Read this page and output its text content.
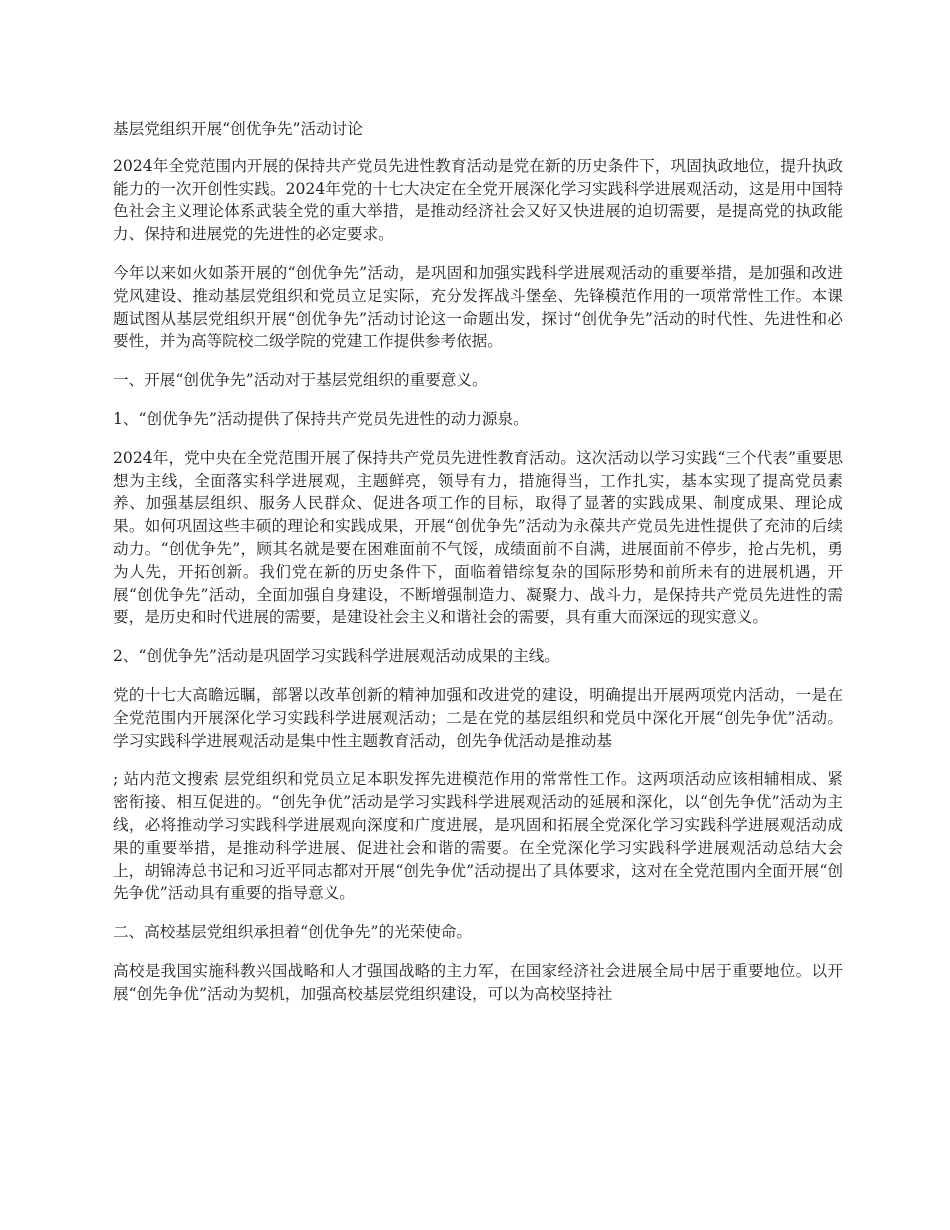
基层党组织开展“创优争先”活动讨论

2024年全党范围内开展的保持共产党员先进性教育活动是党在新的历史条件下，巩固执政地位，提升执政能力的一次开创性实践。2024年党的十七大决定在全党开展深化学习实践科学进展观活动，这是用中国特色社会主义理论体系武装全党的重大举措，是推动经济社会又好又快进展的迫切需要，是提高党的执政能力、保持和进展党的先进性的必定要求。

今年以来如火如荼开展的“创优争先”活动，是巩固和加强实践科学进展观活动的重要举措，是加强和改进党风建设、推动基层党组织和党员立足实际，充分发挥战斗堡垒、先锋模范作用的一项常常性工作。本课题试图从基层党组织开展“创优争先”活动讨论这一命题出发，探讨“创优争先”活动的时代性、先进性和必要性，并为高等院校二级学院的党建工作提供参考依据。

一、开展“创优争先”活动对于基层党组织的重要意义。

1、“创优争先”活动提供了保持共产党员先进性的动力源泉。

2024年，党中央在全党范围开展了保持共产党员先进性教育活动。这次活动以学习实践“三个代表”重要思想为主线，全面落实科学进展观，主题鲜亮，领导有力，措施得当，工作扎实，基本实现了提高党员素养、加强基层组织、服务人民群众、促进各项工作的目标，取得了显著的实践成果、制度成果、理论成果。如何巩固这些丰硕的理论和实践成果，开展“创优争先”活动为永葆共产党员先进性提供了充沛的后续动力。“创优争先”，顾其名就是要在困难面前不气馁，成绩面前不自满，进展面前不停步，抢占先机，勇为人先，开拓创新。我们党在新的历史条件下，面临着错综复杂的国际形势和前所未有的进展机遇，开展“创优争先”活动，全面加强自身建设，不断增强制造力、凝聚力、战斗力，是保持共产党员先进性的需要，是历史和时代进展的需要，是建设社会主义和谐社会的需要，具有重大而深远的现实意义。

2、“创优争先”活动是巩固学习实践科学进展观活动成果的主线。

党的十七大高瞻远瞩，部署以改革创新的精神加强和改进党的建设，明确提出开展两项党内活动，一是在全党范围内开展深化学习实践科学进展观活动；二是在党的基层组织和党员中深化开展“创先争优”活动。学习实践科学进展观活动是集中性主题教育活动，创先争优活动是推动基

; 站内范文搜索 层党组织和党员立足本职发挥先进模范作用的常常性工作。这两项活动应该相辅相成、紧密衔接、相互促进的。“创先争优”活动是学习实践科学进展观活动的延展和深化，以“创先争优”活动为主线，必将推动学习实践科学进展观向深度和广度进展，是巩固和拓展全党深化学习实践科学进展观活动成果的重要举措，是推动科学进展、促进社会和谐的需要。在全党深化学习实践科学进展观活动总结大会上，胡锦涛总书记和习近平同志都对开展“创先争优”活动提出了具体要求，这对在全党范围内全面开展“创先争优”活动具有重要的指导意义。

二、高校基层党组织承担着“创优争先”的光荣使命。

高校是我国实施科教兴国战略和人才强国战略的主力军，在国家经济社会进展全局中居于重要地位。以开展“创先争优”活动为契机，加强高校基层党组织建设，可以为高校坚持社
